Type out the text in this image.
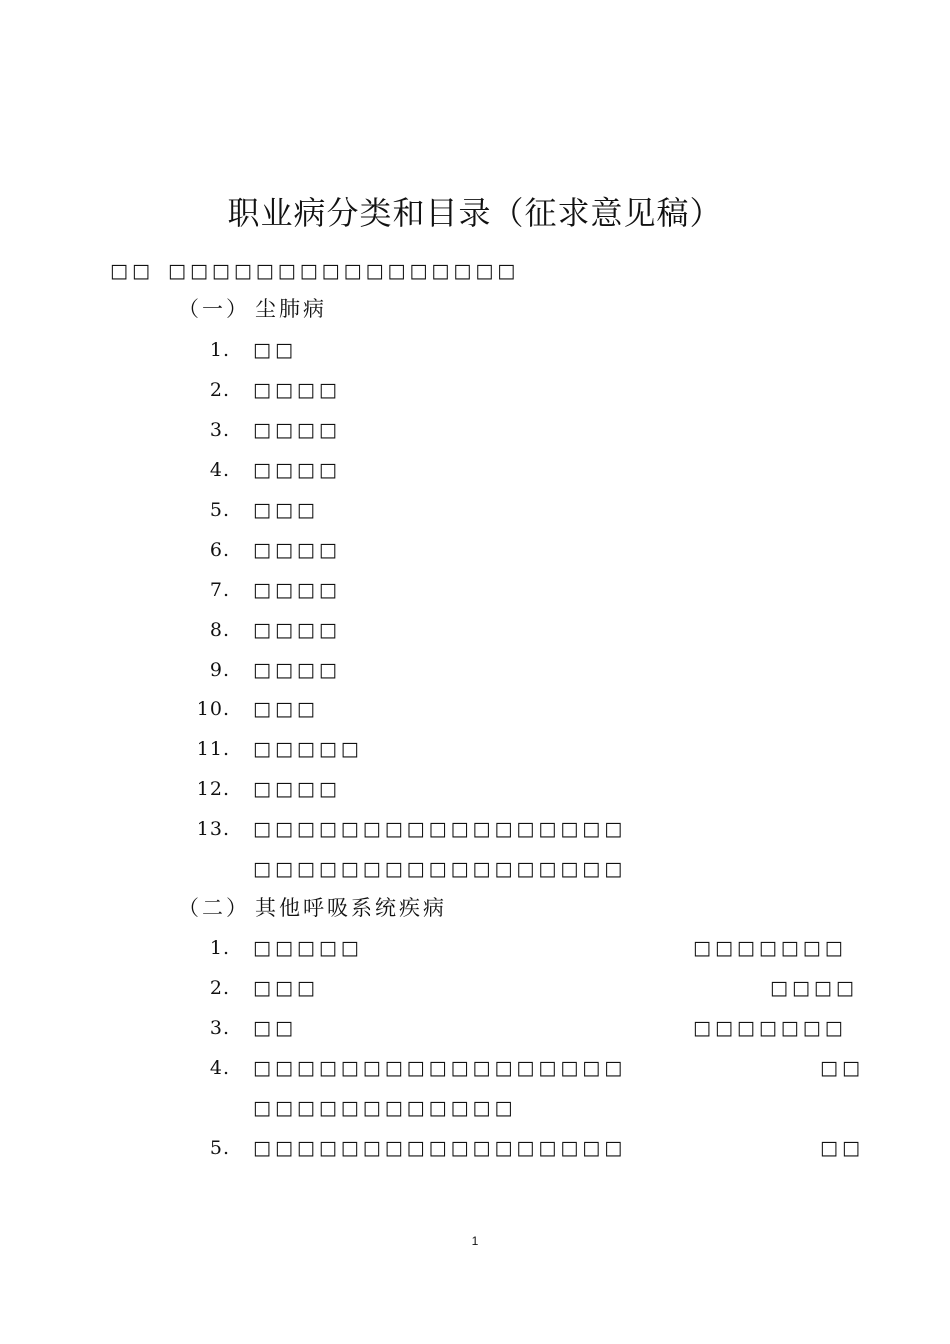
职业病分类和目录（征求意见稿）
□□ □□□□□□□□□□□□□□□□
（一） 尘肺病
1. □□
2. □□□□
3. □□□□
4. □□□□
5. □□□
6. □□□□
7. □□□□
8. □□□□
9. □□□□
10. □□□
11. □□□□□
12. □□□□
13. □□□□□□□□□□□□□□□□□
□□□□□□□□□□□□□□□□□
（二） 其他呼吸系统疾病
1. □□□□□	□□□□□□□
2. □□□	□□□□
3. □□	□□□□□□□
4. □□□□□□□□□□□□□□□□□	□□
□□□□□□□□□□□□
5. □□□□□□□□□□□□□□□□□	□□
1
